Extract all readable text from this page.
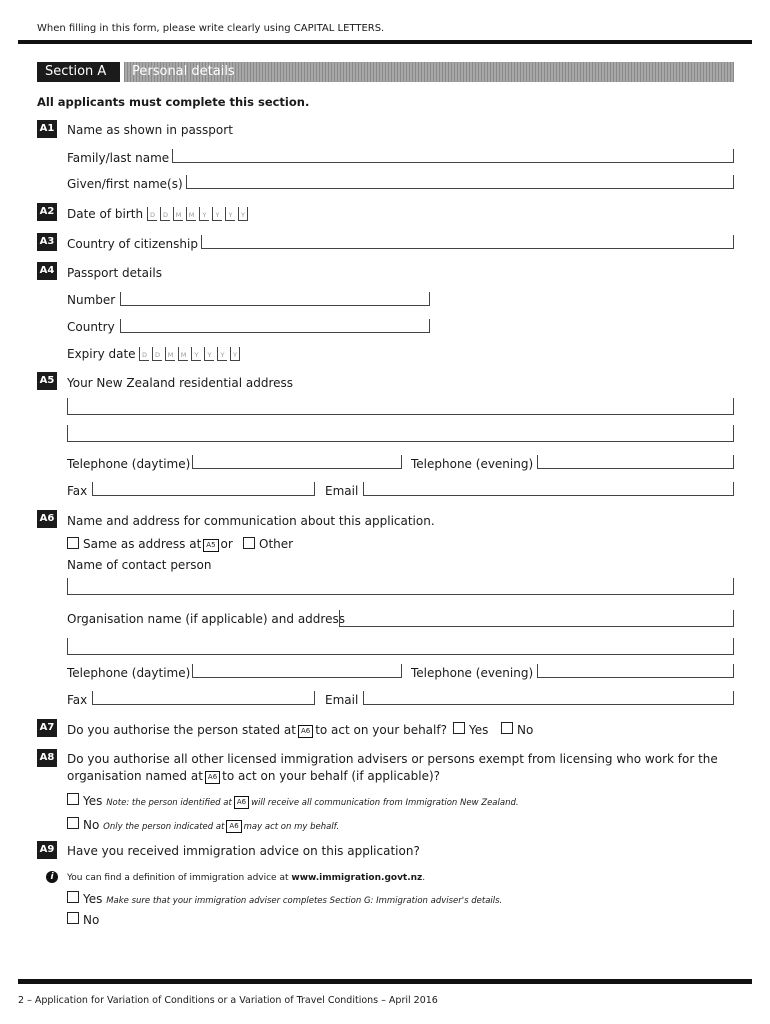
When filling in this form, please write clearly using CAPITAL LETTERS.
Section A	Personal details
All applicants must complete this section.
A1 Name as shown in passport
Family/last name
Given/first name(s)
A2 Date of birth	D	D	M	M	Y	Y	Y	Y
A3 Country of citizenship
A4 Passport details
Number
Country
Expiry date D	D	M	M	Y	Y	Y	Y
A5 Your New Zealand residential address
Telephone (daytime)	Telephone (evening)
Fax	Email
A6 Name and address for communication about this application.
Same as address at A5 or Other
Name of contact person
Organisation name (if applicable) and address
Telephone (daytime)	Telephone (evening)
Fax	Email
A7 Do you authorise the person stated at A6 to act on your behalf? Yes No
A8 Do you authorise all other licensed immigration advisers or persons exempt from licensing who work for the
organisation named at A6 to act on your behalf (if applicable)?
Yes Note: the person identified at A6 will receive all communication from Immigration New Zealand.
No Only the person indicated at A6 may act on my behalf.
A9 Have you received immigration advice on this application?
i	You can find a definition of immigration advice at www.immigration.govt.nz.
Yes Make sure that your immigration adviser completes Section G: Immigration adviser's details.
No
2 – Application for Variation of Conditions or a Variation of Travel Conditions – April 2016
